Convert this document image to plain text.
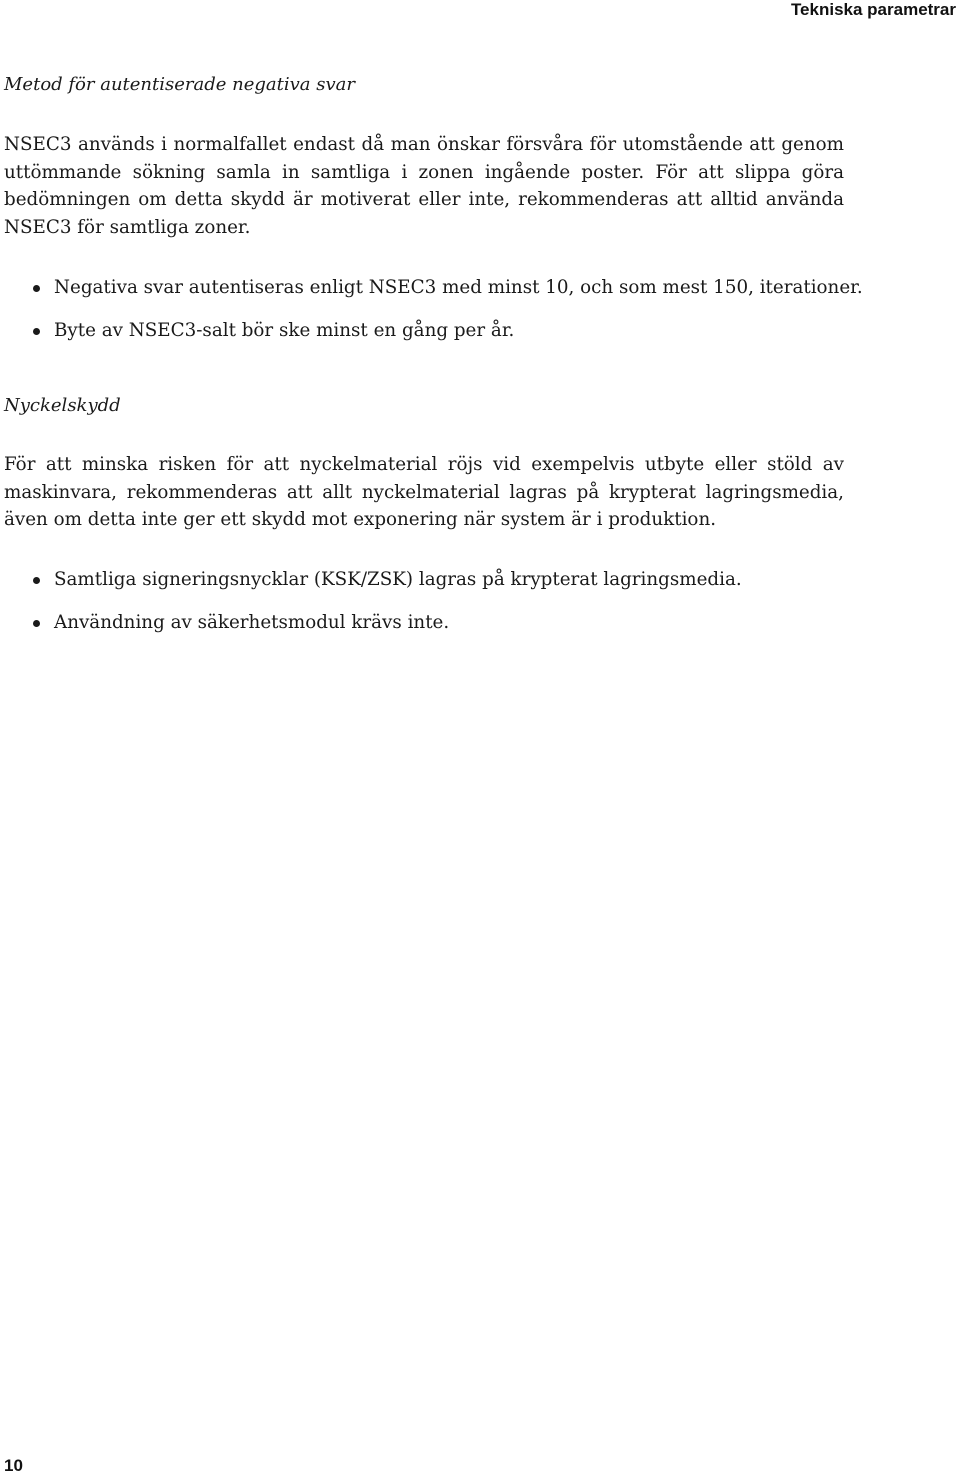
Tekniska parametrar
Metod för autentiserade negativa svar

NSEC3 används i normalfallet endast då man önskar försvåra för utomstående att genom uttömmande sökning samla in samtliga i zonen ingående poster. För att slippa göra bedömningen om detta skydd är motiverat eller inte, rekommenderas att alltid använda NSEC3 för samtliga zoner.

Negativa svar autentiseras enligt NSEC3 med minst 10, och som mest 150, iterationer.
Byte av NSEC3-salt bör ske minst en gång per år.
Nyckelskydd

För att minska risken för att nyckelmaterial röjs vid exempelvis utbyte eller stöld av maskinvara, rekommenderas att allt nyckelmaterial lagras på krypterat lagringsmedia, även om detta inte ger ett skydd mot exponering när system är i produktion.

Samtliga signeringsnycklar (KSK/ZSK) lagras på krypterat lagringsmedia.
Användning av säkerhetsmodul krävs inte.
10
